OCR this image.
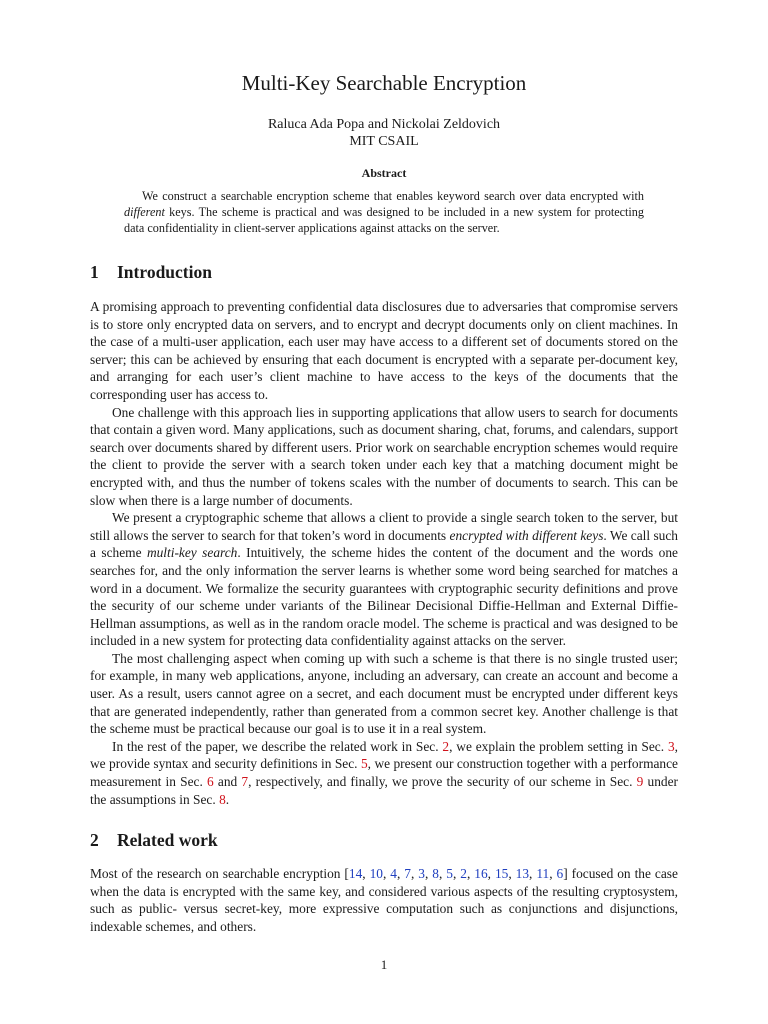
Multi-Key Searchable Encryption
Raluca Ada Popa and Nickolai Zeldovich
MIT CSAIL
Abstract
We construct a searchable encryption scheme that enables keyword search over data encrypted with different keys. The scheme is practical and was designed to be included in a new system for protecting data confidentiality in client-server applications against attacks on the server.
1 Introduction

A promising approach to preventing confidential data disclosures due to adversaries that compromise servers is to store only encrypted data on servers, and to encrypt and decrypt documents only on client machines. In the case of a multi-user application, each user may have access to a different set of documents stored on the server; this can be achieved by ensuring that each document is encrypted with a separate per-document key, and arranging for each user’s client machine to have access to the keys of the documents that the corresponding user has access to.

One challenge with this approach lies in supporting applications that allow users to search for documents that contain a given word. Many applications, such as document sharing, chat, forums, and calendars, support search over documents shared by different users. Prior work on searchable encryption schemes would require the client to provide the server with a search token under each key that a matching document might be encrypted with, and thus the number of tokens scales with the number of documents to search. This can be slow when there is a large number of documents.

We present a cryptographic scheme that allows a client to provide a single search token to the server, but still allows the server to search for that token’s word in documents encrypted with different keys. We call such a scheme multi-key search. Intuitively, the scheme hides the content of the document and the words one searches for, and the only information the server learns is whether some word being searched for matches a word in a document. We formalize the security guarantees with cryptographic security definitions and prove the security of our scheme under variants of the Bilinear Decisional Diffie-Hellman and External Diffie-Hellman assumptions, as well as in the random oracle model. The scheme is practical and was designed to be included in a new system for protecting data confidentiality against attacks on the server.

The most challenging aspect when coming up with such a scheme is that there is no single trusted user; for example, in many web applications, anyone, including an adversary, can create an account and become a user. As a result, users cannot agree on a secret, and each document must be encrypted under different keys that are generated independently, rather than generated from a common secret key. Another challenge is that the scheme must be practical because our goal is to use it in a real system.

In the rest of the paper, we describe the related work in Sec. 2, we explain the problem setting in Sec. 3, we provide syntax and security definitions in Sec. 5, we present our construction together with a performance measurement in Sec. 6 and 7, respectively, and finally, we prove the security of our scheme in Sec. 9 under the assumptions in Sec. 8.

2 Related work

Most of the research on searchable encryption [14, 10, 4, 7, 3, 8, 5, 2, 16, 15, 13, 11, 6] focused on the case when the data is encrypted with the same key, and considered various aspects of the resulting cryptosystem, such as public- versus secret-key, more expressive computation such as conjunctions and disjunctions, indexable schemes, and others.

1
